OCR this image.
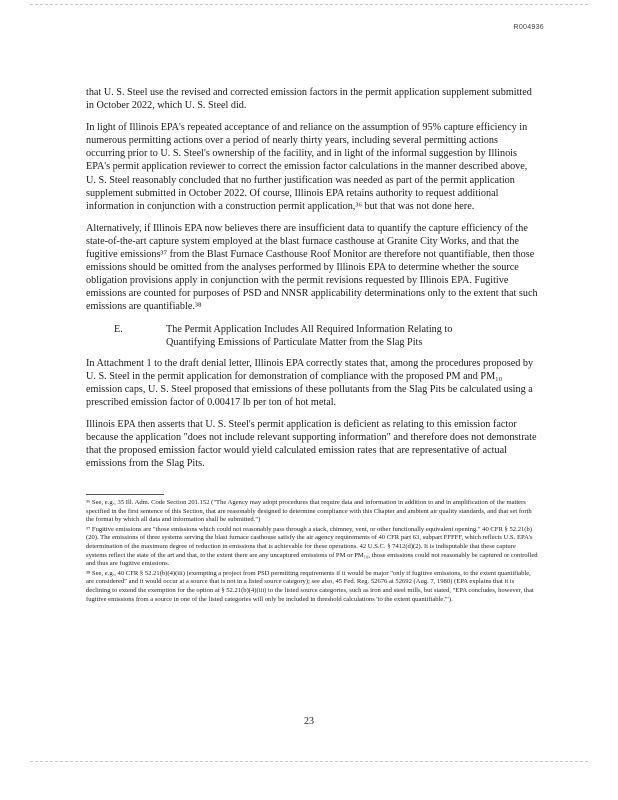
R004936

that U. S. Steel use the revised and corrected emission factors in the permit application supplement submitted in October 2022, which U. S. Steel did.

In light of Illinois EPA's repeated acceptance of and reliance on the assumption of 95% capture efficiency in numerous permitting actions over a period of nearly thirty years, including several permitting actions occurring prior to U. S. Steel's ownership of the facility, and in light of the informal suggestion by Illinois EPA's permit application reviewer to correct the emission factor calculations in the manner described above, U. S. Steel reasonably concluded that no further justification was needed as part of the permit application supplement submitted in October 2022. Of course, Illinois EPA retains authority to request additional information in conjunction with a construction permit application,³⁶ but that was not done here.

Alternatively, if Illinois EPA now believes there are insufficient data to quantify the capture efficiency of the state-of-the-art capture system employed at the blast furnace casthouse at Granite City Works, and that the fugitive emissions³⁷ from the Blast Furnace Casthouse Roof Monitor are therefore not quantifiable, then those emissions should be omitted from the analyses performed by Illinois EPA to determine whether the source obligation provisions apply in conjunction with the permit revisions requested by Illinois EPA. Fugitive emissions are counted for purposes of PSD and NNSR applicability determinations only to the extent that such emissions are quantifiable.³⁸

E.	The Permit Application Includes All Required Information Relating to Quantifying Emissions of Particulate Matter from the Slag Pits

In Attachment 1 to the draft denial letter, Illinois EPA correctly states that, among the procedures proposed by U. S. Steel in the permit application for demonstration of compliance with the proposed PM and PM₁₀ emission caps, U. S. Steel proposed that emissions of these pollutants from the Slag Pits be calculated using a prescribed emission factor of 0.00417 lb per ton of hot metal.

Illinois EPA then asserts that U. S. Steel's permit application is deficient as relating to this emission factor because the application "does not include relevant supporting information" and therefore does not demonstrate that the proposed emission factor would yield calculated emission rates that are representative of actual emissions from the Slag Pits.

³⁶ See, e.g., 35 Ill. Adm. Code Section 201.152 ("The Agency may adopt procedures that require data and information in addition to and in amplification of the matters specified in the first sentence of this Section, that are reasonably designed to determine compliance with this Chapter and ambient air quality standards, and that set forth the format by which all data and information shall be submitted.")

³⁷ Fugitive emissions are "those emissions which could not reasonably pass through a stack, chimney, vent, or other functionally equivalent opening." 40 CFR § 52.21(b)(20). The emissions of three systems serving the blast furnace casthouse satisfy the air agency requirements of 40 CFR part 63, subpart FFFFF, which reflects U.S. EPA's determination of the maximum degree of reduction in emissions that is achievable for these operations. 42 U.S.C. § 7412(d)(2). It is indisputable that these capture systems reflect the state of the art and that, to the extent there are any uncaptured emissions of PM or PM₁₀, those emissions could not reasonably be captured or controlled and thus are fugitive emissions.

³⁸ See, e.g., 40 CFR § 52.21(b)(4)(iii) (exempting a project from PSD permitting requirements if it would be major "only if fugitive emissions, to the extent quantifiable, are considered" and it would occur at a source that is not in a listed source category); see also, 45 Fed. Reg. 52676 at 52692 (Aug. 7, 1980) (EPA explains that it is declining to extend the exemption for the option at § 52.21(b)(4)(iii) to the listed source categories, such as iron and steel mills, but stated, "EPA concludes, however, that fugitive emissions from a source in one of the listed categories will only be included in threshold calculations 'to the extent quantifiable.'").

23
